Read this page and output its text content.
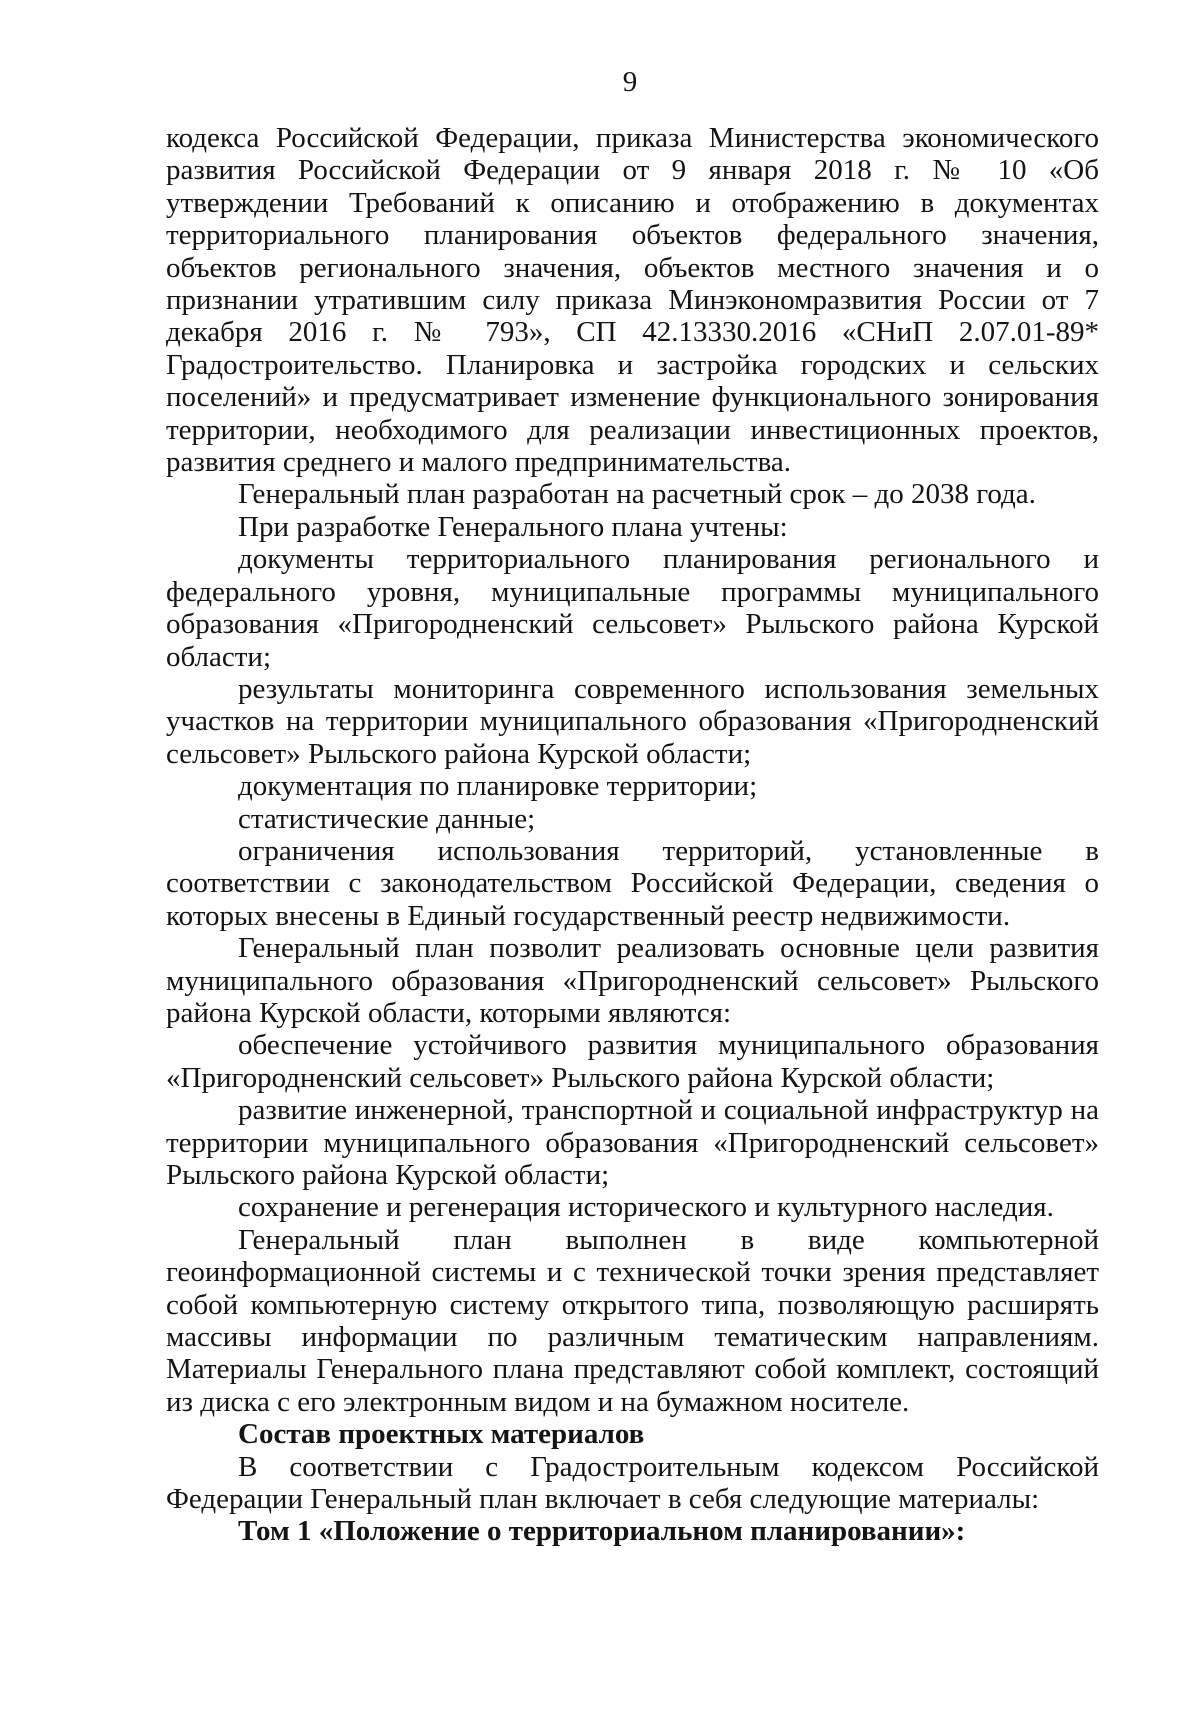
9

кодекса Российской Федерации, приказа Министерства экономического развития Российской Федерации от 9 января 2018 г. № 10 «Об утверждении Требований к описанию и отображению в документах территориального планирования объектов федерального значения, объектов регионального значения, объектов местного значения и о признании утратившим силу приказа Минэкономразвития России от 7 декабря 2016 г. № 793», СП 42.13330.2016 «СНиП 2.07.01-89* Градостроительство. Планировка и застройка городских и сельских поселений» и предусматривает изменение функционального зонирования территории, необходимого для реализации инвестиционных проектов, развития среднего и малого предпринимательства.

Генеральный план разработан на расчетный срок – до 2038 года.

При разработке Генерального плана учтены:

документы территориального планирования регионального и федерального уровня, муниципальные программы муниципального образования «Пригородненский сельсовет» Рыльского района Курской области;

результаты мониторинга современного использования земельных участков на территории муниципального образования «Пригородненский сельсовет» Рыльского района Курской области;

документация по планировке территории;

статистические данные;

ограничения использования территорий, установленные в соответствии с законодательством Российской Федерации, сведения о которых внесены в Единый государственный реестр недвижимости.

Генеральный план позволит реализовать основные цели развития муниципального образования «Пригородненский сельсовет» Рыльского района Курской области, которыми являются:

обеспечение устойчивого развития муниципального образования «Пригородненский сельсовет» Рыльского района Курской области;

развитие инженерной, транспортной и социальной инфраструктур на территории муниципального образования «Пригородненский сельсовет» Рыльского района Курской области;

сохранение и регенерация исторического и культурного наследия.

Генеральный план выполнен в виде компьютерной геоинформационной системы и с технической точки зрения представляет собой компьютерную систему открытого типа, позволяющую расширять массивы информации по различным тематическим направлениям. Материалы Генерального плана представляют собой комплект, состоящий из диска с его электронным видом и на бумажном носителе.

Состав проектных материалов

В соответствии с Градостроительным кодексом Российской Федерации Генеральный план включает в себя следующие материалы:

Том 1 «Положение о территориальном планировании»:
